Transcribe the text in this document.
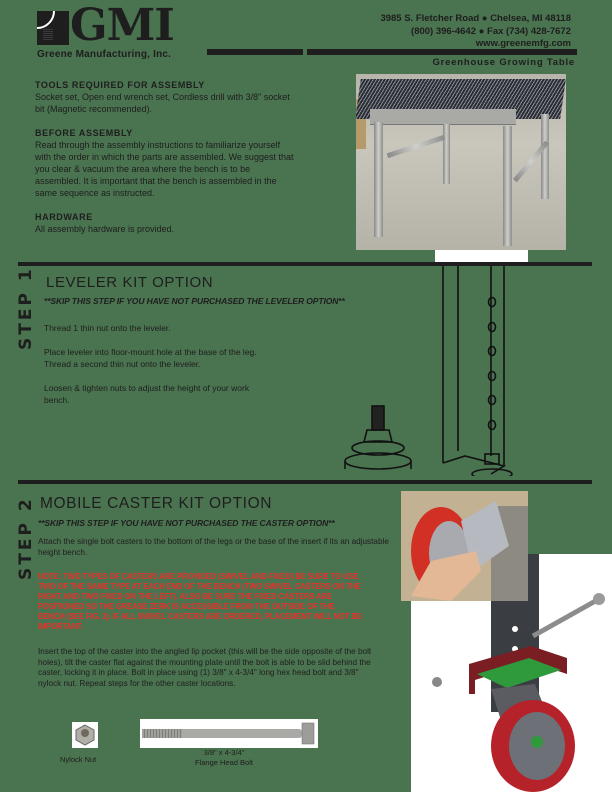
GMI
Greene Manufacturing, Inc.
3985 S. Fletcher Road ● Chelsea, MI 48118
(800) 396-4642 ● Fax (734) 428-7672
www.greenemfg.com
Greenhouse Growing Table
TOOLS REQUIRED FOR ASSEMBLY

Socket set, Open end wrench set, Cordless drill with 3/8" socket bit (Magnetic recommended).

BEFORE ASSEMBLY

Read through the assembly instructions to familiarize yourself with the order in which the parts are assembled. We suggest that you clear & vacuum the area where the bench is to be assembled. It is important that the bench is assembled in the same sequence as instructed.

HARDWARE

All assembly hardware is provided.

STEP 1 LEVELER KIT OPTION
**SKIP THIS STEP IF YOU HAVE NOT PURCHASED THE LEVELER OPTION**

Thread 1 thin nut onto the leveler.

Place leveler into floor-mount hole at the base of the leg. Thread a second thin nut onto the leveler.

Loosen & tighten nuts to adjust the height of your work bench.

STEP 2 MOBILE CASTER KIT OPTION
**SKIP THIS STEP IF YOU HAVE NOT PURCHASED THE CASTER OPTION**
Attach the single bolt casters to the bottom of the legs or the base of the insert if its an adjustable height bench.
NOTE: TWO TYPES OF CASTERS ARE PROVIDED (SWIVEL AND FIXED) BE SURE TO USE TWO OF THE SAME TYPE AT EACH END OF THE BENCH (TWO SWIVEL CASTERS ON THE RIGHT AND TWO FIXED ON THE LEFT). ALSO BE SURE THE FIXED CASTERS ARE POSITIONED SO THE GREASE ZERK IS ACCESSIBLE FROM THE OUTSIDE OF THE BENCH (SEE FIG. 2). IF ALL SWIVEL CASTERS ARE ORDERED, PLACEMENT WILL NOT BE IMPORTANT.
Insert the top of the caster into the angled lip pocket (this will be the side opposite of the bolt holes), tilt the caster flat against the mounting plate until the bolt is able to be slid behind the caster, locking it in place. Bolt in place using (1) 3/8" x 4-3/4" long hex head bolt and 3/8" nylock nut. Repeat steps for the other caster locations.
Nylock Nut
3/8" x 4-3/4"
Flange Head Bolt
